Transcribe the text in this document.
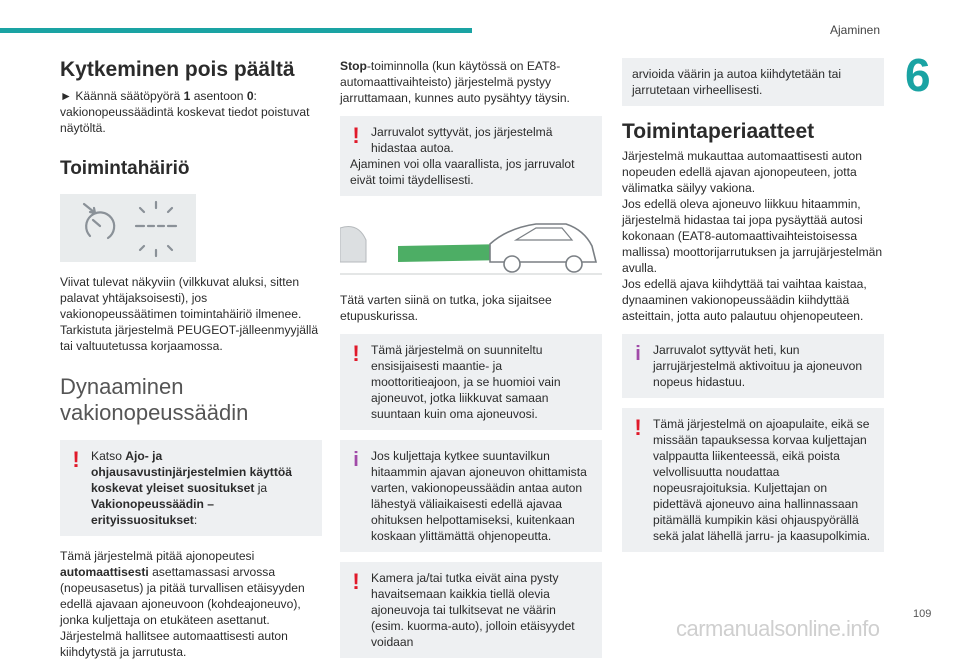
Ajaminen
6
Kytkeminen pois päältä

► Käännä säätöpyörä 1 asentoon 0:
vakionopeussäädintä koskevat tiedot poistuvat
näytöltä.

Toimintahäiriö

Viivat tulevat näkyviin (vilkkuvat aluksi, sitten palavat yhtäjaksoisesti), jos vakionopeussäätimen toimintahäiriö ilmenee. Tarkistuta järjestelmä PEUGEOT-jälleenmyyjällä tai valtuutetussa korjaamossa.

Dynaaminen
vakionopeussäädin
! Katso Ajo- ja ohjausavustinjärjestelmien käyttöä koskevat yleiset suositukset ja Vakionopeussäädin – erityissuositukset:

Tämä järjestelmä pitää ajonopeutesi automaattisesti asettamassasi arvossa (nopeusasetus) ja pitää turvallisen etäisyyden edellä ajavaan ajoneuvoon (kohdeajoneuvo), jonka kuljettaja on etukäteen asettanut. Järjestelmä hallitsee automaattisesti auton kiihdytystä ja jarrutusta.

Stop-toiminnolla (kun käytössä on EAT8-automaattivaihteisto) järjestelmä pystyy jarruttamaan, kunnes auto pysähtyy täysin.

! Jarruvalot syttyvät, jos järjestelmä hidastaa autoa.

Ajaminen voi olla vaarallista, jos jarruvalot eivät toimi täydellisesti.

Tätä varten siinä on tutka, joka sijaitsee etupuskurissa.

! Tämä järjestelmä on suunniteltu ensisijaisesti maantie- ja moottoritieajoon, ja se huomioi vain ajoneuvot, jotka liikkuvat samaan suuntaan kuin oma ajoneuvosi.
i	Jos kuljettaja kytkee suuntavilkun hitaammin ajavan ajoneuvon ohittamista varten, vakionopeussäädin antaa auton lähestyä väliaikaisesti edellä ajavaa ohituksen helpottamiseksi, kuitenkaan koskaan ylittämättä ohjenopeutta.
! Kamera ja/tai tutka eivät aina pysty havaitsemaan kaikkia tiellä olevia ajoneuvoja tai tulkitsevat ne väärin (esim. kuorma-auto), jolloin etäisyydet voidaan
arvioida väärin ja autoa kiihdytetään tai jarrutetaan virheellisesti.
Toimintaperiaatteet

Järjestelmä mukauttaa automaattisesti auton nopeuden edellä ajavan ajonopeuteen, jotta välimatka säilyy vakiona.

Jos edellä oleva ajoneuvo liikkuu hitaammin, järjestelmä hidastaa tai jopa pysäyttää autosi kokonaan (EAT8-automaattivaihteistoisessa mallissa) moottorijarrutuksen ja jarrujärjestelmän avulla.

Jos edellä ajava kiihdyttää tai vaihtaa kaistaa, dynaaminen vakionopeussäädin kiihdyttää asteittain, jotta auto palautuu ohjenopeuteen.

i	Jarruvalot syttyvät heti, kun jarrujärjestelmä aktivoituu ja ajoneuvon nopeus hidastuu.
! Tämä järjestelmä on ajoapulaite, eikä se missään tapauksessa korvaa kuljettajan valppautta liikenteessä, eikä poista velvollisuutta noudattaa nopeusrajoituksia. Kuljettajan on pidettävä ajoneuvo aina hallinnassaan pitämällä kumpikin käsi ohjauspyörällä sekä jalat lähellä jarru- ja kaasupolkimia.
carmanualsonline.info
109
